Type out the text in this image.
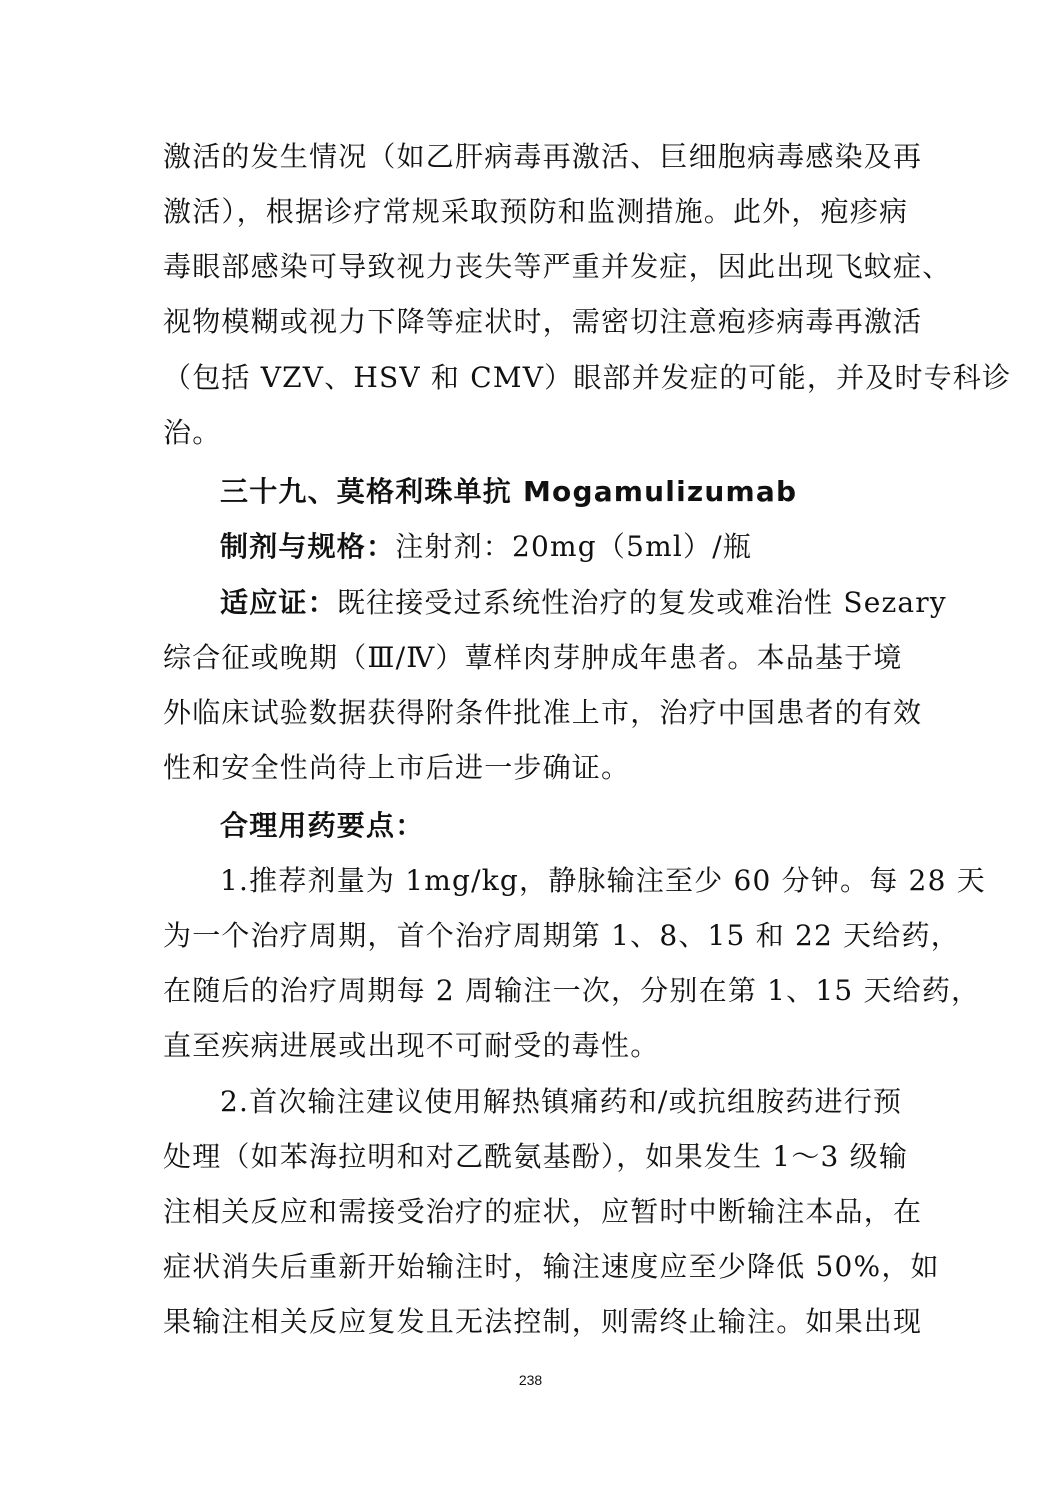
激活的发生情况（如乙肝病毒再激活、巨细胞病毒感染及再
激活），根据诊疗常规采取预防和监测措施。此外，疱疹病
毒眼部感染可导致视力丧失等严重并发症，因此出现飞蚊症、
视物模糊或视力下降等症状时，需密切注意疱疹病毒再激活
（包括 VZV、HSV 和 CMV）眼部并发症的可能，并及时专科诊
治。
三十九、莫格利珠单抗 Mogamulizumab
制剂与规格：注射剂：20mg（5ml）/瓶
适应证：既往接受过系统性治疗的复发或难治性 Sezary
综合征或晚期（Ⅲ/Ⅳ）蕈样肉芽肿成年患者。本品基于境
外临床试验数据获得附条件批准上市，治疗中国患者的有效
性和安全性尚待上市后进一步确证。
合理用药要点：
1.推荐剂量为 1mg/kg，静脉输注至少 60 分钟。每 28 天
为一个治疗周期，首个治疗周期第 1、8、15 和 22 天给药，
在随后的治疗周期每 2 周输注一次，分别在第 1、15 天给药，
直至疾病进展或出现不可耐受的毒性。
2.首次输注建议使用解热镇痛药和/或抗组胺药进行预
处理（如苯海拉明和对乙酰氨基酚），如果发生 1～3 级输
注相关反应和需接受治疗的症状，应暂时中断输注本品，在
症状消失后重新开始输注时，输注速度应至少降低 50%，如
果输注相关反应复发且无法控制，则需终止输注。如果出现
238
